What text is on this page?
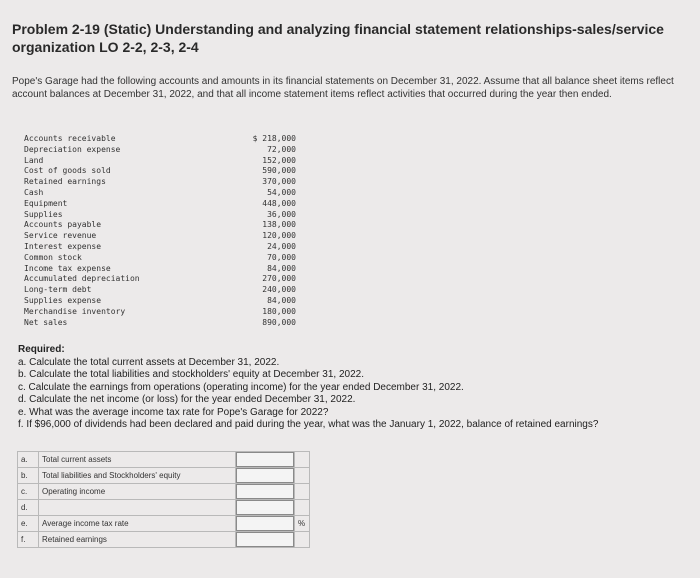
Problem 2-19 (Static) Understanding and analyzing financial statement relationships-sales/service organization LO 2-2, 2-3, 2-4
Pope's Garage had the following accounts and amounts in its financial statements on December 31, 2022. Assume that all balance sheet items reflect account balances at December 31, 2022, and that all income statement items reflect activities that occurred during the year then ended.
Accounts receivable	$ 218,000
Depreciation expense	72,000
Land	152,000
Cost of goods sold	590,000
Retained earnings	370,000
Cash	54,000
Equipment	448,000
Supplies	36,000
Accounts payable	138,000
Service revenue	120,000
Interest expense	24,000
Common stock	70,000
Income tax expense	84,000
Accumulated depreciation	270,000
Long-term debt	240,000
Supplies expense	84,000
Merchandise inventory	180,000
Net sales	890,000
Required:
a. Calculate the total current assets at December 31, 2022.
b. Calculate the total liabilities and stockholders' equity at December 31, 2022.
c. Calculate the earnings from operations (operating income) for the year ended December 31, 2022.
d. Calculate the net income (or loss) for the year ended December 31, 2022.
e. What was the average income tax rate for Pope's Garage for 2022?
f. If $96,000 of dividends had been declared and paid during the year, what was the January 1, 2022, balance of retained earnings?
a.	Total current assets	

b.	Total liabilities and Stockholders' equity	

c.	Operating income	

d.		

e.	Average income tax rate		%
f.	Retained earnings	
